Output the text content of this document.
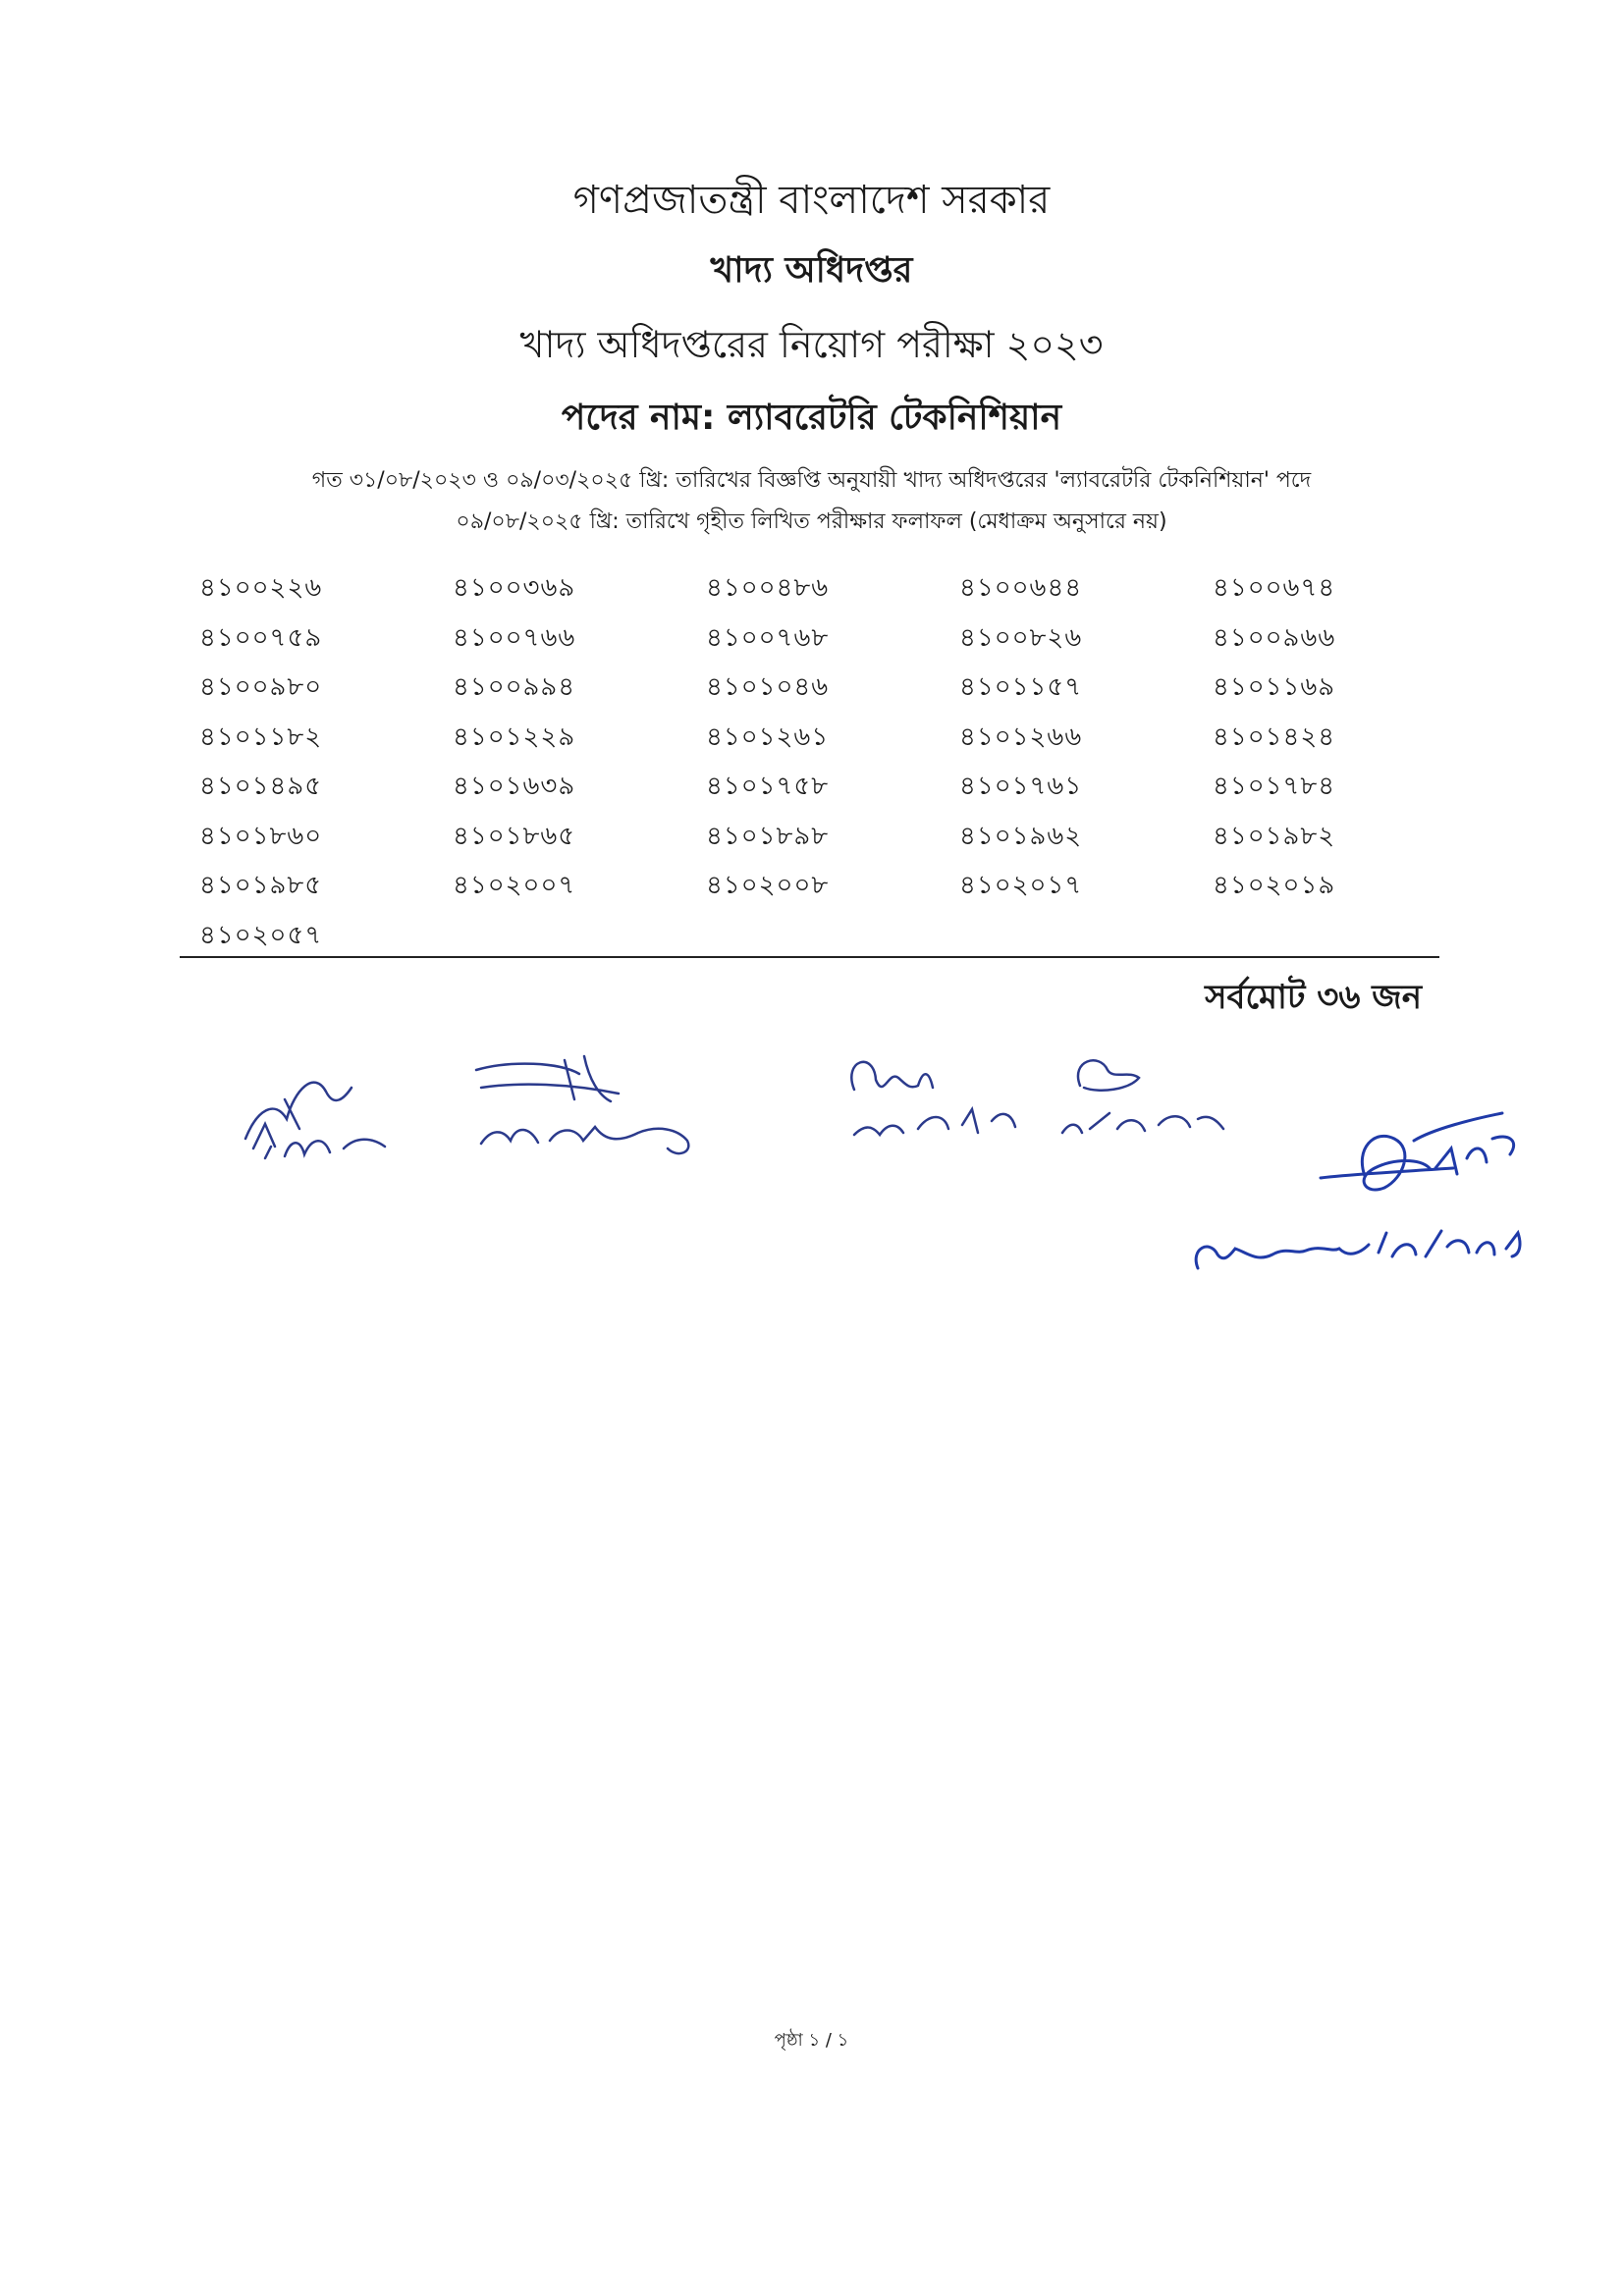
গণপ্রজাতন্ত্রী বাংলাদেশ সরকার
খাদ্য অধিদপ্তর
খাদ্য অধিদপ্তরের নিয়োগ পরীক্ষা ২০২৩
পদের নাম: ল্যাবরেটরি টেকনিশিয়ান
গত ৩১/০৮/২০২৩ ও ০৯/০৩/২০২৫ খ্রি: তারিখের বিজ্ঞপ্তি অনুযায়ী খাদ্য অধিদপ্তরের 'ল্যাবরেটরি টেকনিশিয়ান' পদে
০৯/০৮/২০২৫ খ্রি: তারিখে গৃহীত লিখিত পরীক্ষার ফলাফল (মেধাক্রম অনুসারে নয়)
৪১০০২২৬	৪১০০৩৬৯	৪১০০৪৮৬	৪১০০৬৪৪	৪১০০৬৭৪
৪১০০৭৫৯	৪১০০৭৬৬	৪১০০৭৬৮	৪১০০৮২৬	৪১০০৯৬৬
৪১০০৯৮০	৪১০০৯৯৪	৪১০১০৪৬	৪১০১১৫৭	৪১০১১৬৯
৪১০১১৮২	৪১০১২২৯	৪১০১২৬১	৪১০১২৬৬	৪১০১৪২৪
৪১০১৪৯৫	৪১০১৬৩৯	৪১০১৭৫৮	৪১০১৭৬১	৪১০১৭৮৪
৪১০১৮৬০	৪১০১৮৬৫	৪১০১৮৯৮	৪১০১৯৬২	৪১০১৯৮২
৪১০১৯৮৫	৪১০২০০৭	৪১০২০০৮	৪১০২০১৭	৪১০২০১৯
৪১০২০৫৭
সর্বমোট ৩৬ জন
পৃষ্ঠা ১ / ১
